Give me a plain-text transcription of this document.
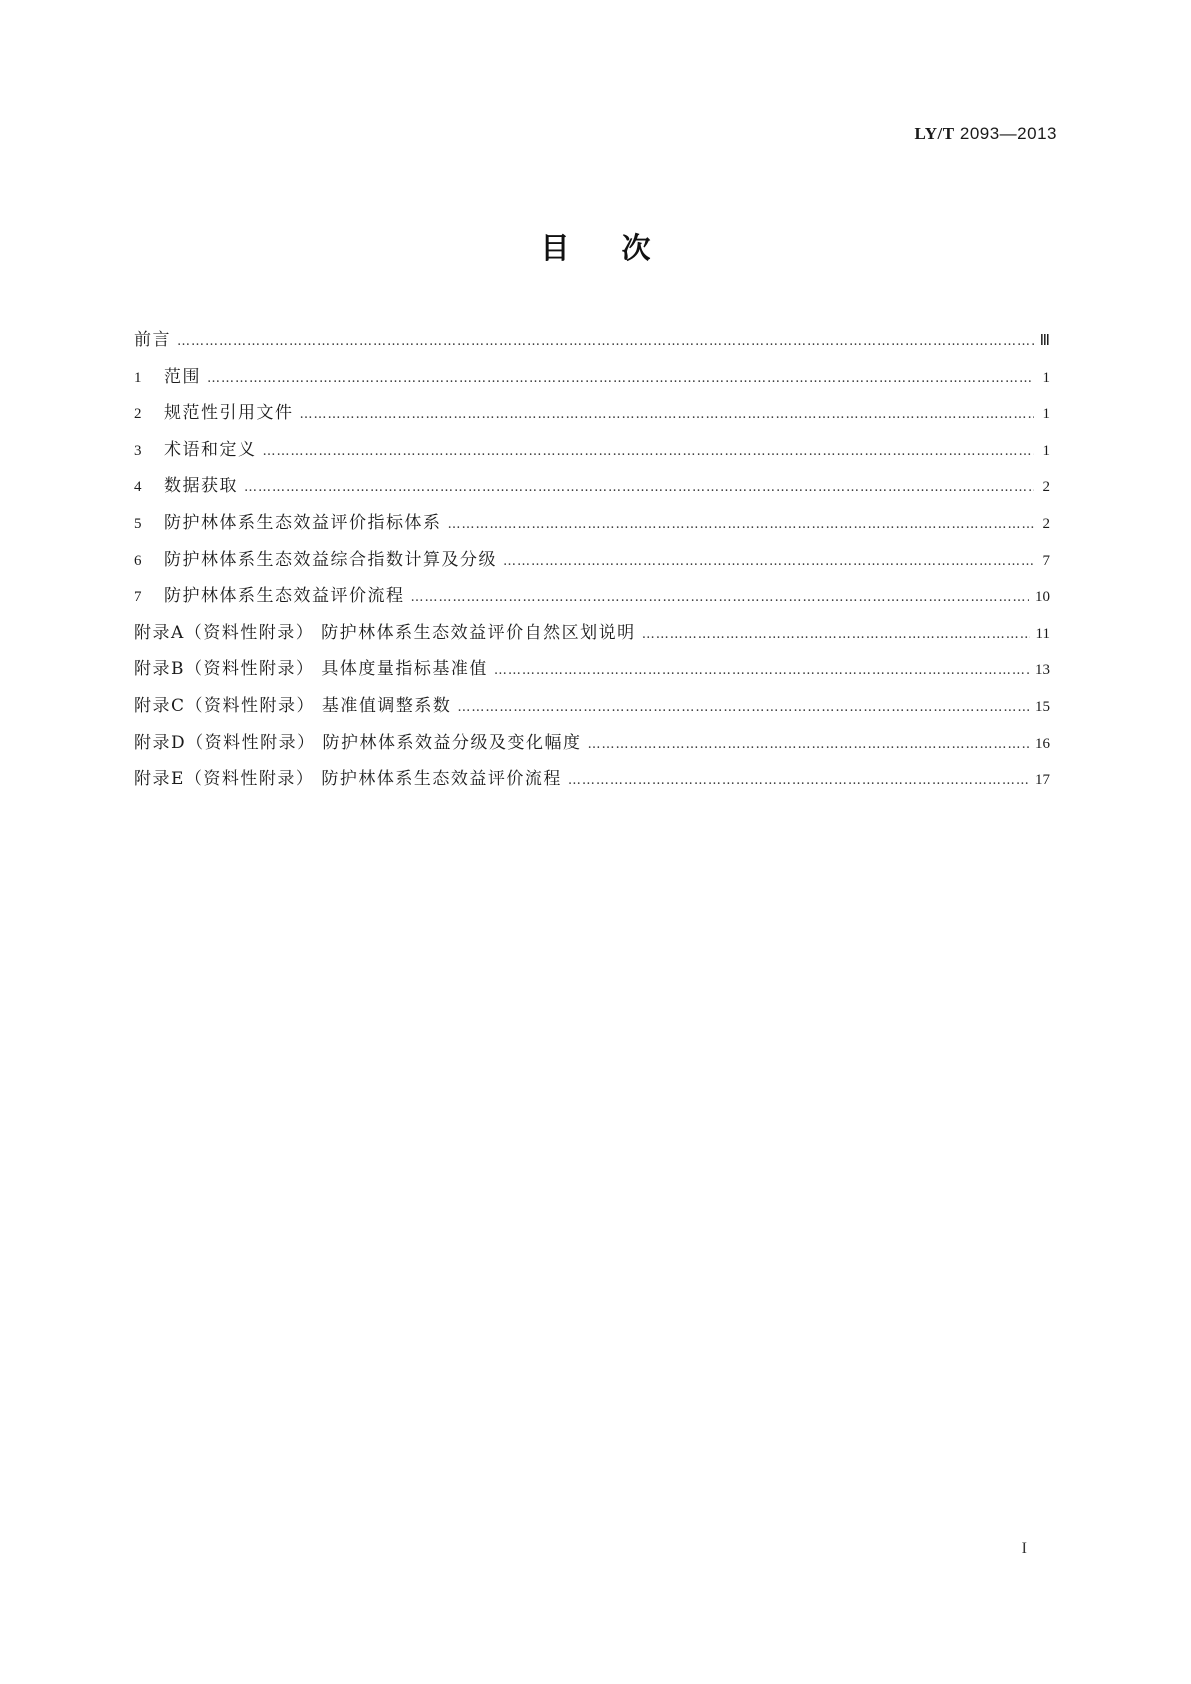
LY/T 2093—2013
目次
前言 ……………………………………………………………………………………………………………………………………………………………………………………………………………	Ⅲ
1 范围 ……………………………………………………………………………………………………………………………………………………………………………………………………………	1
2 规范性引用文件 ……………………………………………………………………………………………………………………………………………………………………………………………………………	1
3 术语和定义 ……………………………………………………………………………………………………………………………………………………………………………………………………………	1
4 数据获取 ……………………………………………………………………………………………………………………………………………………………………………………………………………	2
5 防护林体系生态效益评价指标体系 ……………………………………………………………………………………………………………………………………………………………………………………………………………	2
6 防护林体系生态效益综合指数计算及分级 ……………………………………………………………………………………………………………………………………………………………………………………………………………	7
7 防护林体系生态效益评价流程 ……………………………………………………………………………………………………………………………………………………………………………………………………………	10
附录A（资料性附录） 防护林体系生态效益评价自然区划说明 ……………………………………………………………………………………………………………………………………………………………………………………………………………	11
附录B（资料性附录） 具体度量指标基准值 ……………………………………………………………………………………………………………………………………………………………………………………………………………	13
附录C（资料性附录） 基准值调整系数 ……………………………………………………………………………………………………………………………………………………………………………………………………………	15
附录D（资料性附录） 防护林体系效益分级及变化幅度 ……………………………………………………………………………………………………………………………………………………………………………………………………………	16
附录E（资料性附录） 防护林体系生态效益评价流程 ……………………………………………………………………………………………………………………………………………………………………………………………………………	17
I
